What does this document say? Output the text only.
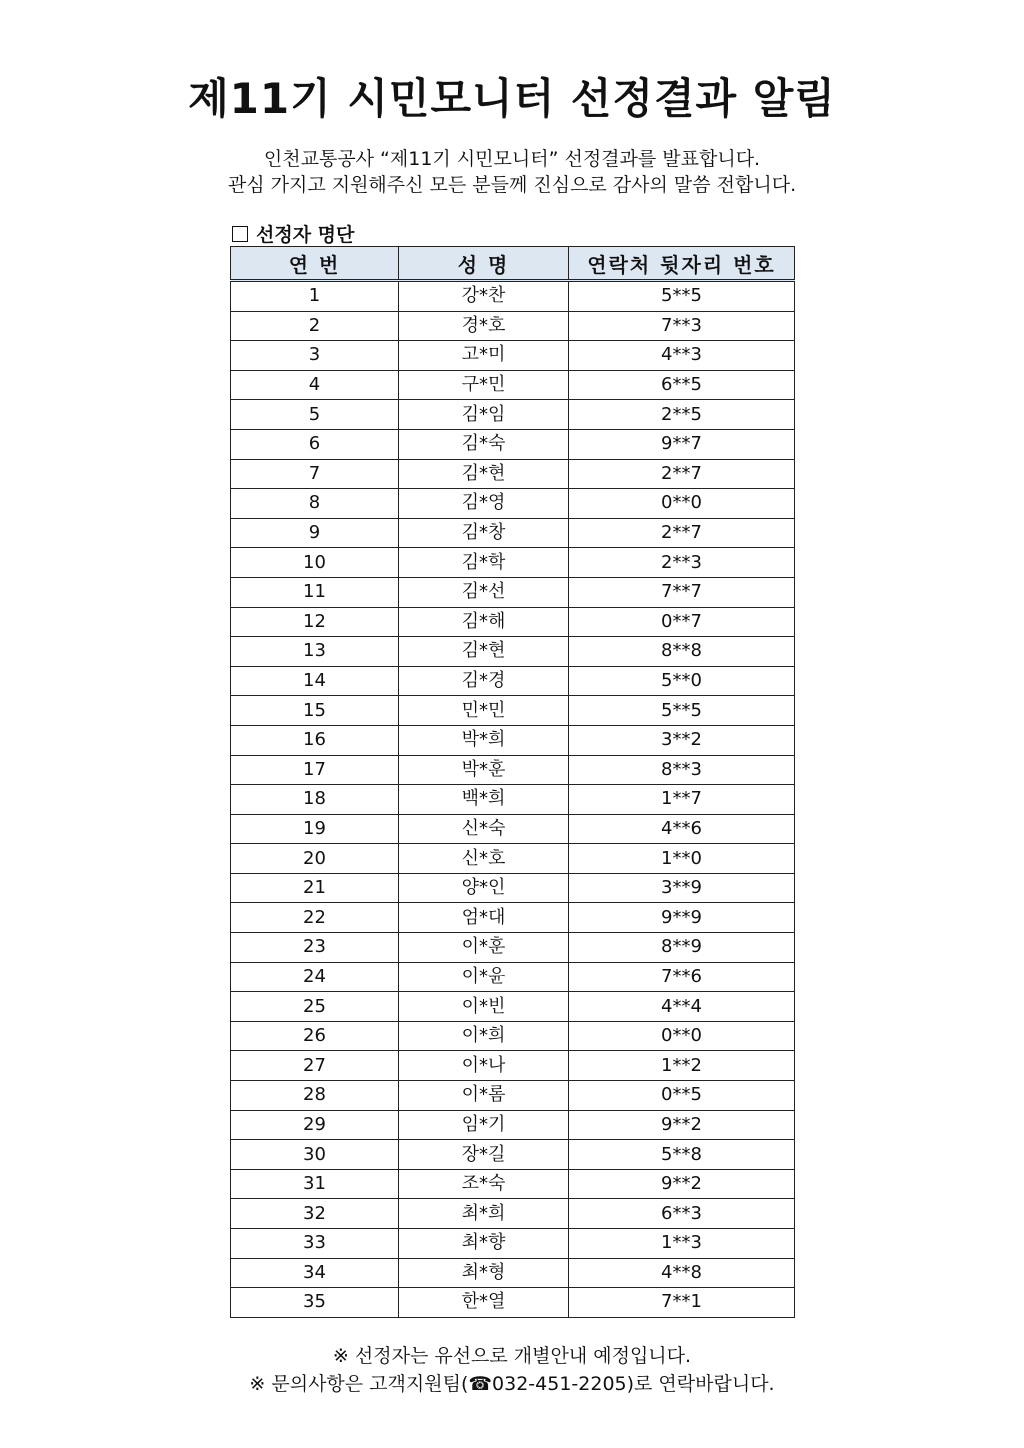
제11기 시민모니터 선정결과 알림
인천교통공사 “제11기 시민모니터” 선정결과를 발표합니다.
관심 가지고 지원해주신 모든 분들께 진심으로 감사의 말씀 전합니다.
선정자 명단
연 번	성 명	연락처 뒷자리 번호
1	강*찬	5**5
2	경*호	7**3
3	고*미	4**3
4	구*민	6**5
5	김*임	2**5
6	김*숙	9**7
7	김*현	2**7
8	김*영	0**0
9	김*창	2**7
10	김*학	2**3
11	김*선	7**7
12	김*해	0**7
13	김*현	8**8
14	김*경	5**0
15	민*민	5**5
16	박*희	3**2
17	박*훈	8**3
18	백*희	1**7
19	신*숙	4**6
20	신*호	1**0
21	양*인	3**9
22	엄*대	9**9
23	이*훈	8**9
24	이*윤	7**6
25	이*빈	4**4
26	이*희	0**0
27	이*나	1**2
28	이*롬	0**5
29	임*기	9**2
30	장*길	5**8
31	조*숙	9**2
32	최*희	6**3
33	최*향	1**3
34	최*형	4**8
35	한*열	7**1
※ 선정자는 유선으로 개별안내 예정입니다.
※ 문의사항은 고객지원팀(☎032-451-2205)로 연락바랍니다.
